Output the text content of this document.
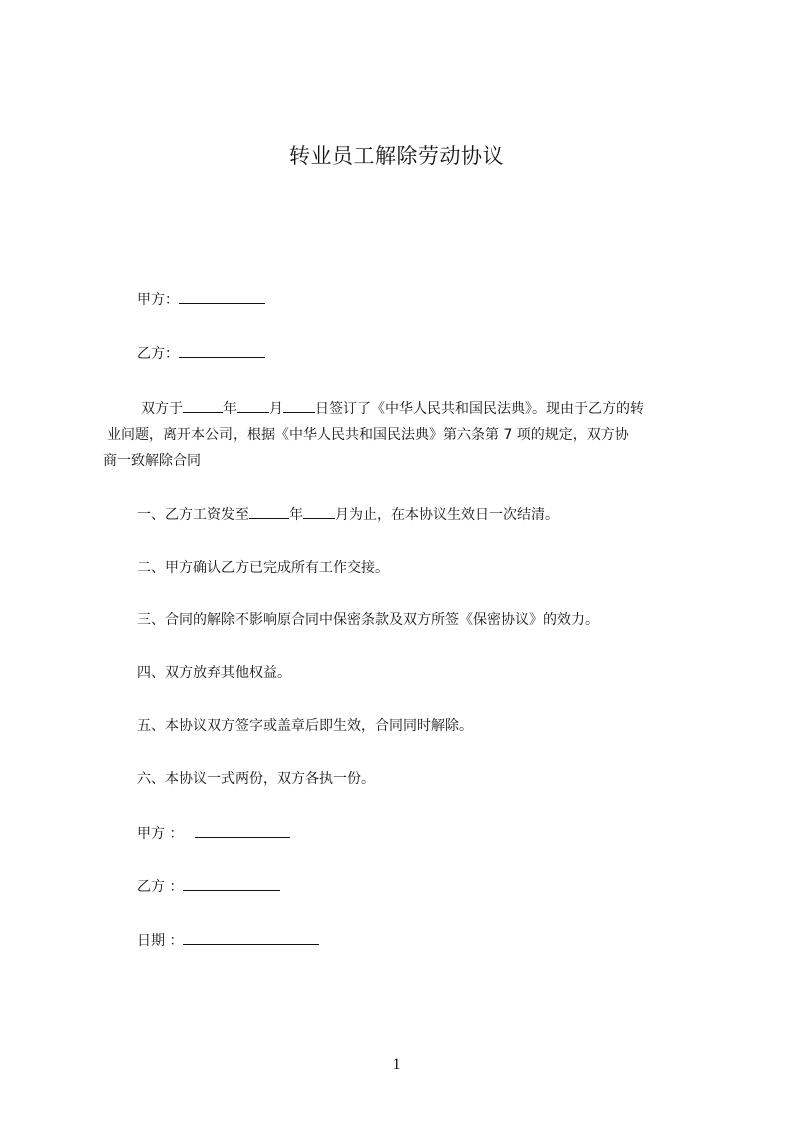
转业员工解除劳动协议
甲方：
乙方：
双方于	年 月 日签订了《中华人民共和国民法典》。现由于乙方的转
业问题，离开本公司，根据《中华人民共和国民法典》第六条第 7 项的规定，双方协
商一致解除合同
一、乙方工资发至	年 月为止，在本协议生效日一次结清。
二、甲方确认乙方已完成所有工作交接。
三、合同的解除不影响原合同中保密条款及双方所签《保密协议》的效力。
四、双方放弃其他权益。
五、本协议双方签字或盖章后即生效，合同同时解除。
六、本协议一式两份，双方各执一份。
甲方 ：
乙方 ：
日期 ：
1
